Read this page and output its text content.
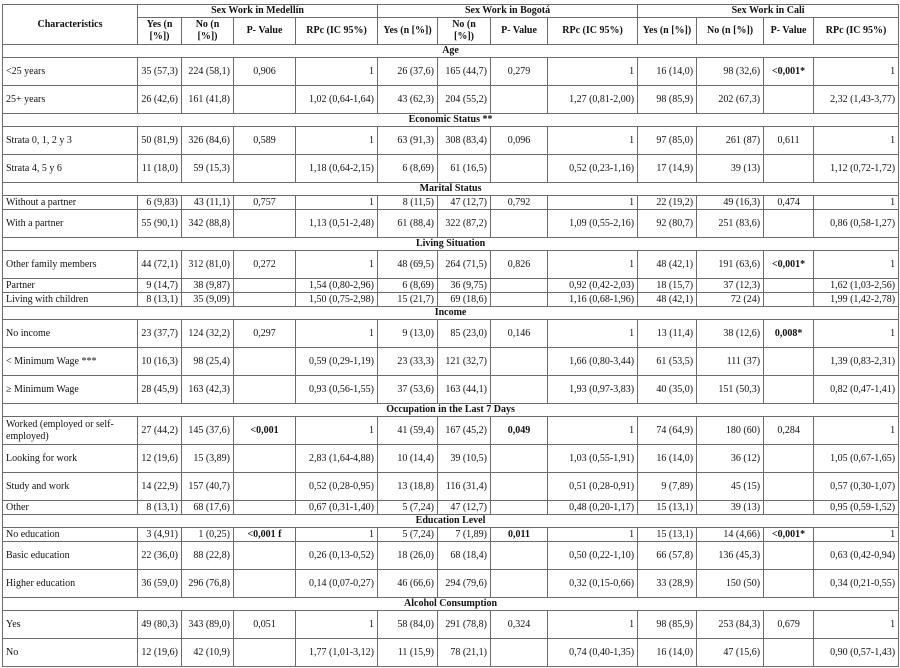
Characteristics	Sex Work in Medellín				Sex Work in Bogotá				Sex Work in Cali			
	Yes (n [%])	No (n [%])	P- Value	RPc (IC 95%)	Yes (n [%])	No (n [%])	P- Value	RPc (IC 95%)	Yes (n [%])	No (n [%])	P- Value	RPc (IC 95%)
Age												
<25 years	35 (57,3)	224 (58,1)	0,906	1	26 (37,6)	165 (44,7)	0,279	1	16 (14,0)	98 (32,6)	<0,001*	1
25+ years	26 (42,6)	161 (41,8)		1,02 (0,64-1,64)	43 (62,3)	204 (55,2)		1,27 (0,81-2,00)	98 (85,9)	202 (67,3)		2,32 (1,43-3,77)
Economic Status **												
Strata 0, 1, 2 y 3	50 (81,9)	326 (84,6)	0,589	1	63 (91,3)	308 (83,4)	0,096	1	97 (85,0)	261 (87)	0,611	1
Strata 4, 5 y 6	11 (18,0)	59 (15,3)		1,18 (0,64-2,15)	6 (8,69)	61 (16,5)		0,52 (0,23-1,16)	17 (14,9)	39 (13)		1,12 (0,72-1,72)
Marital Status												
Without a partner	6 (9,83)	43 (11,1)	0,757	1	8 (11,5)	47 (12,7)	0,792	1	22 (19,2)	49 (16,3)	0,474	1
With a partner	55 (90,1)	342 (88,8)		1,13 (0,51-2,48)	61 (88,4)	322 (87,2)		1,09 (0,55-2,16)	92 (80,7)	251 (83,6)		0,86 (0,58-1,27)
Living Situation												
Other family members	44 (72,1)	312 (81,0)	0,272	1	48 (69,5)	264 (71,5)	0,826	1	48 (42,1)	191 (63,6)	<0,001*	1
Partner	9 (14,7)	38 (9,87)		1,54 (0,80-2,96)	6 (8,69)	36 (9,75)		0,92 (0,42-2,03)	18 (15,7)	37 (12,3)		1,62 (1,03-2,56)
Living with children	8 (13,1)	35 (9,09)		1,50 (0,75-2,98)	15 (21,7)	69 (18,6)		1,16 (0,68-1,96)	48 (42,1)	72 (24)		1,99 (1,42-2,78)
Income												
No income	23 (37,7)	124 (32,2)	0,297	1	9 (13,0)	85 (23,0)	0,146	1	13 (11,4)	38 (12,6)	0,008*	1
< Minimum Wage ***	10 (16,3)	98 (25,4)		0,59 (0,29-1,19)	23 (33,3)	121 (32,7)		1,66 (0,80-3,44)	61 (53,5)	111 (37)		1,39 (0,83-2,31)
≥ Minimum Wage	28 (45,9)	163 (42,3)		0,93 (0,56-1,55)	37 (53,6)	163 (44,1)		1,93 (0,97-3,83)	40 (35,0)	151 (50,3)		0,82 (0,47-1,41)
Occupation in the Last 7 Days												
Worked (employed or self-employed)	27 (44,2)	145 (37,6)	<0,001	1	41 (59,4)	167 (45,2)	0,049	1	74 (64,9)	180 (60)	0,284	1
Looking for work	12 (19,6)	15 (3,89)		2,83 (1,64-4,88)	10 (14,4)	39 (10,5)		1,03 (0,55-1,91)	16 (14,0)	36 (12)		1,05 (0,67-1,65)
Study and work	14 (22,9)	157 (40,7)		0,52 (0,28-0,95)	13 (18,8)	116 (31,4)		0,51 (0,28-0,91)	9 (7,89)	45 (15)		0,57 (0,30-1,07)
Other	8 (13,1)	68 (17,6)		0,67 (0,31-1,40)	5 (7,24)	47 (12,7)		0,48 (0,20-1,17)	15 (13,1)	39 (13)		0,95 (0,59-1,52)
Education Level												
No education	3 (4,91)	1 (0,25)	<0,001 f	1	5 (7,24)	7 (1,89)	0,011	1	15 (13,1)	14 (4,66)	<0,001*	1
Basic education	22 (36,0)	88 (22,8)		0,26 (0,13-0,52)	18 (26,0)	68 (18,4)		0,50 (0,22-1,10)	66 (57,8)	136 (45,3)		0,63 (0,42-0,94)
Higher education	36 (59,0)	296 (76,8)		0,14 (0,07-0,27)	46 (66,6)	294 (79,6)		0,32 (0,15-0,66)	33 (28,9)	150 (50)		0,34 (0,21-0,55)
Alcohol Consumption												
Yes	49 (80,3)	343 (89,0)	0,051	1	58 (84,0)	291 (78,8)	0,324	1	98 (85,9)	253 (84,3)	0,679	1
No	12 (19,6)	42 (10,9)		1,77 (1,01-3,12)	11 (15,9)	78 (21,1)		0,74 (0,40-1,35)	16 (14,0)	47 (15,6)		0,90 (0,57-1,43)
